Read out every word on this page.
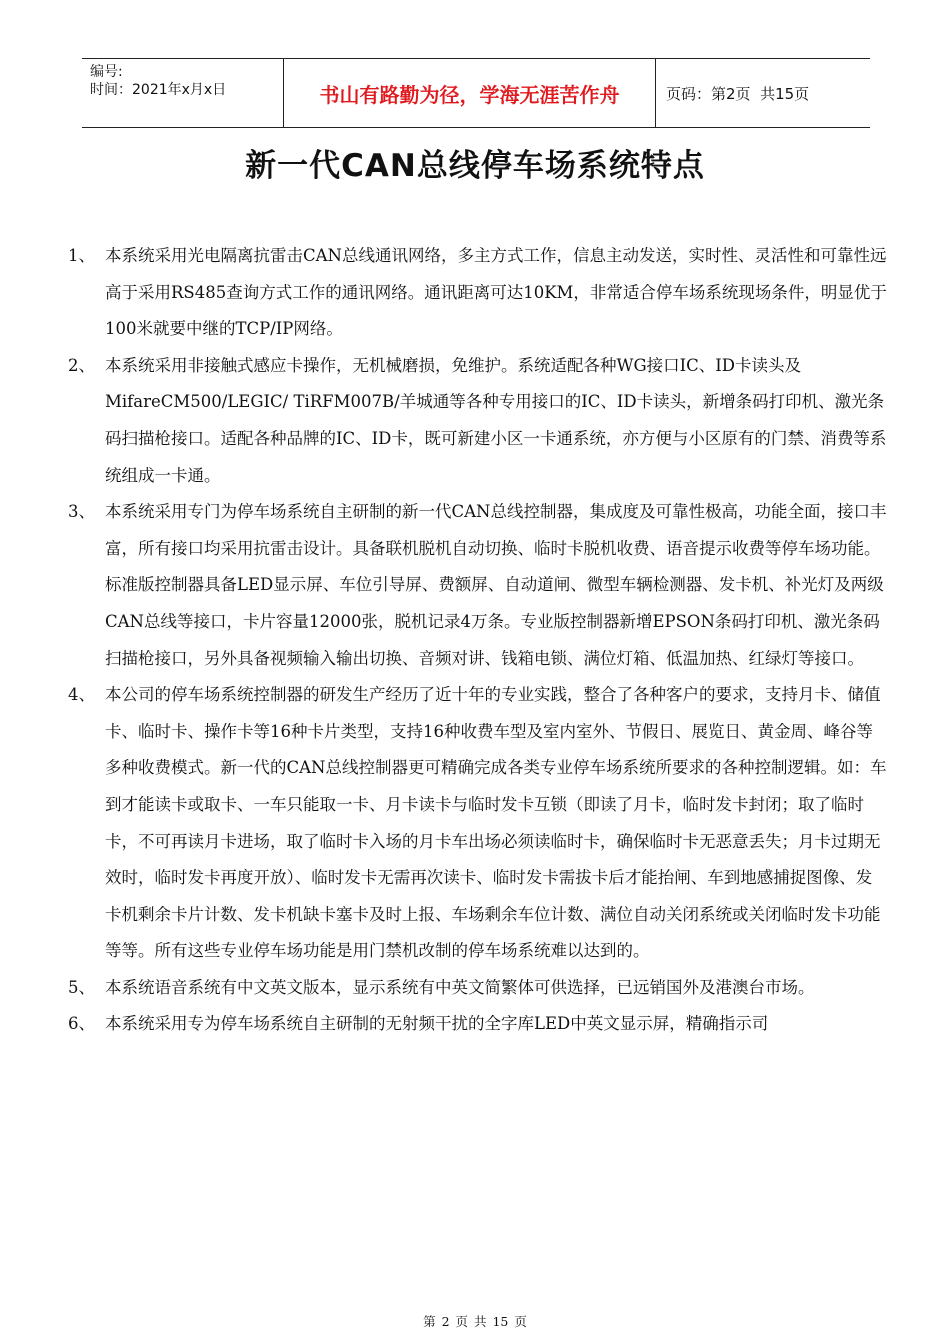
编号:
时间：2021年x月x日	书山有路勤为径，学海无涯苦作舟	页码：第2页  共15页
新一代CAN总线停车场系统特点
1、 本系统采用光电隔离抗雷击CAN总线通讯网络，多主方式工作，信息主动发送，实时性、灵活性和可靠性远高于采用RS485查询方式工作的通讯网络。通讯距离可达10KM，非常适合停车场系统现场条件，明显优于100米就要中继的TCP/IP网络。
2、 本系统采用非接触式感应卡操作，无机械磨损，免维护。系统适配各种WG接口IC、ID卡读头及MifareCM500/LEGIC/ TiRFM007B/羊城通等各种专用接口的IC、ID卡读头，新增条码打印机、激光条码扫描枪接口。适配各种品牌的IC、ID卡，既可新建小区一卡通系统，亦方便与小区原有的门禁、消费等系统组成一卡通。
3、 本系统采用专门为停车场系统自主研制的新一代CAN总线控制器，集成度及可靠性极高，功能全面，接口丰富，所有接口均采用抗雷击设计。具备联机脱机自动切换、临时卡脱机收费、语音提示收费等停车场功能。标准版控制器具备LED显示屏、车位引导屏、费额屏、自动道闸、微型车辆检测器、发卡机、补光灯及两级CAN总线等接口，卡片容量12000张，脱机记录4万条。专业版控制器新增EPSON条码打印机、激光条码扫描枪接口，另外具备视频输入输出切换、音频对讲、钱箱电锁、满位灯箱、低温加热、红绿灯等接口。
4、 本公司的停车场系统控制器的研发生产经历了近十年的专业实践，整合了各种客户的要求，支持月卡、储值卡、临时卡、操作卡等16种卡片类型，支持16种收费车型及室内室外、节假日、展览日、黄金周、峰谷等多种收费模式。新一代的CAN总线控制器更可精确完成各类专业停车场系统所要求的各种控制逻辑。如：车到才能读卡或取卡、一车只能取一卡、月卡读卡与临时发卡互锁（即读了月卡，临时发卡封闭；取了临时卡，不可再读月卡进场，取了临时卡入场的月卡车出场必须读临时卡，确保临时卡无恶意丢失；月卡过期无效时，临时发卡再度开放）、临时发卡无需再次读卡、临时发卡需拔卡后才能抬闸、车到地感捕捉图像、发卡机剩余卡片计数、发卡机缺卡塞卡及时上报、车场剩余车位计数、满位自动关闭系统或关闭临时发卡功能等等。所有这些专业停车场功能是用门禁机改制的停车场系统难以达到的。
5、 本系统语音系统有中文英文版本，显示系统有中英文简繁体可供选择，已远销国外及港澳台市场。
6、 本系统采用专为停车场系统自主研制的无射频干扰的全字库LED中英文显示屏，精确指示司
第 2 页 共 15 页
